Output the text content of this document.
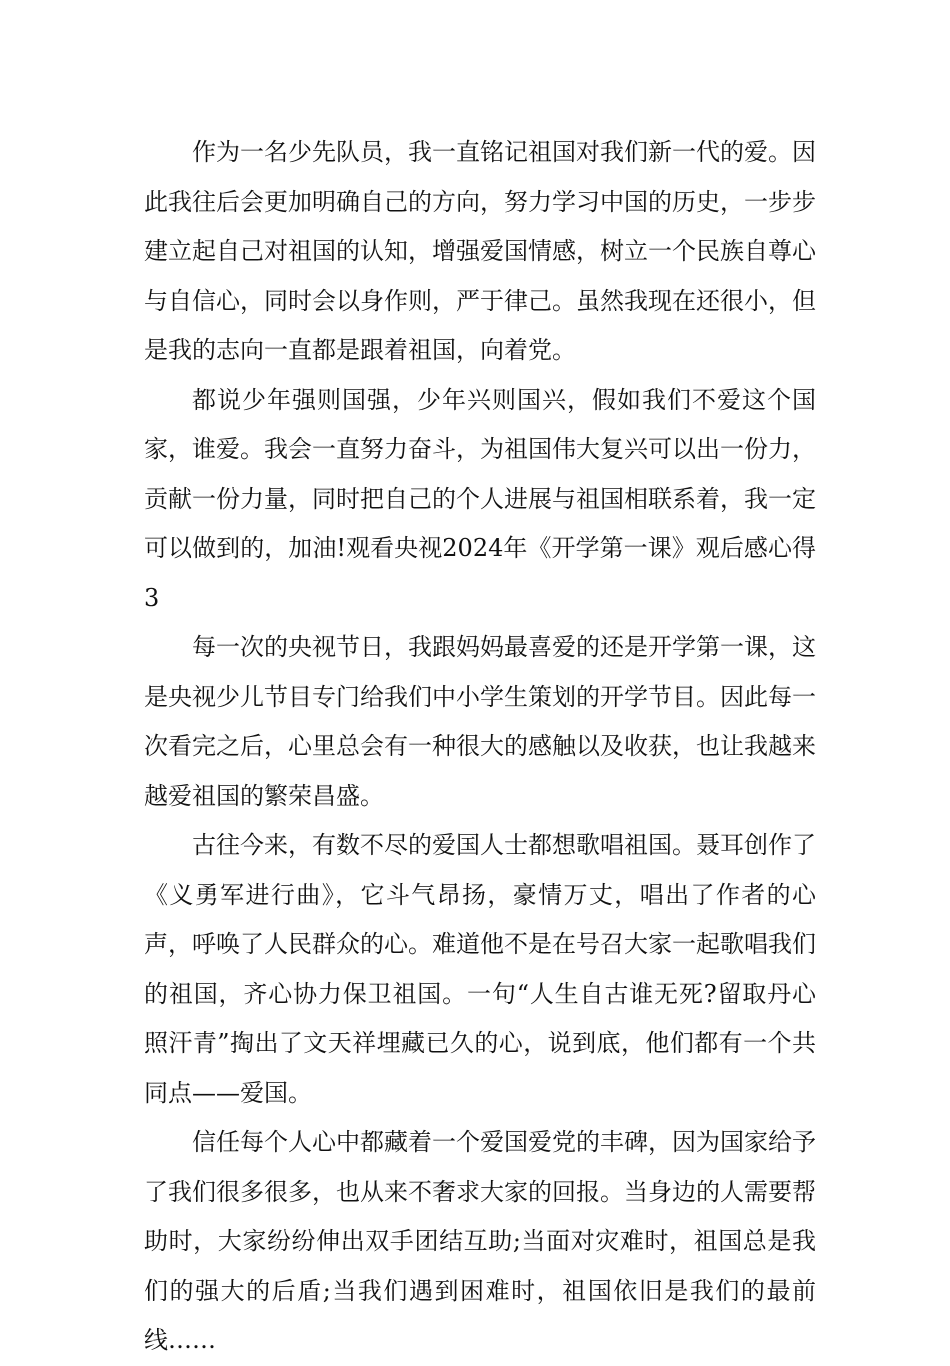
作为一名少先队员，我一直铭记祖国对我们新一代的爱。因此我往后会更加明确自己的方向，努力学习中国的历史，一步步建立起自己对祖国的认知，增强爱国情感，树立一个民族自尊心与自信心，同时会以身作则，严于律己。虽然我现在还很小，但是我的志向一直都是跟着祖国，向着党。

都说少年强则国强，少年兴则国兴，假如我们不爱这个国家，谁爱。我会一直努力奋斗，为祖国伟大复兴可以出一份力，贡献一份力量，同时把自己的个人进展与祖国相联系着，我一定可以做到的，加油!观看央视2024年《开学第一课》观后感心得3

每一次的央视节日，我跟妈妈最喜爱的还是开学第一课，这是央视少儿节目专门给我们中小学生策划的开学节目。因此每一次看完之后，心里总会有一种很大的感触以及收获，也让我越来越爱祖国的繁荣昌盛。

古往今来，有数不尽的爱国人士都想歌唱祖国。聂耳创作了《义勇军进行曲》，它斗气昂扬，豪情万丈，唱出了作者的心声，呼唤了人民群众的心。难道他不是在号召大家一起歌唱我们的祖国，齐心协力保卫祖国。一句“人生自古谁无死?留取丹心照汗青”掏出了文天祥埋藏已久的心，说到底，他们都有一个共同点——爱国。

信任每个人心中都藏着一个爱国爱党的丰碑，因为国家给予了我们很多很多，也从来不奢求大家的回报。当身边的人需要帮助时，大家纷纷伸出双手团结互助;当面对灾难时，祖国总是我们的强大的后盾;当我们遇到困难时，祖国依旧是我们的最前线……
